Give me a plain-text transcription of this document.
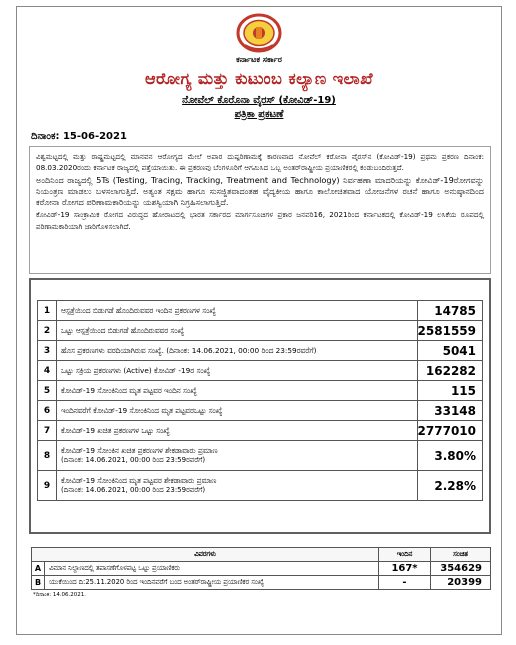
ಕರ್ನಾಟಕ ಸರ್ಕಾರ
ಆರೋಗ್ಯ ಮತ್ತು ಕುಟುಂಬ ಕಲ್ಯಾಣ ಇಲಾಖೆ
ನೋವೆಲ್ ಕೊರೊನಾ ವೈರಸ್ (ಕೋವಿಡ್-19)
ಪತ್ರಿಕಾ ಪ್ರಕಟಣೆ
ದಿನಾಂಕ: 15-06-2021

ವಿಶ್ವಮಟ್ಟದಲ್ಲಿ ಮತ್ತು ರಾಷ್ಟ್ರಮಟ್ಟದಲ್ಲಿ ಮಾನವನ ಆರೋಗ್ಯದ ಮೇಲೆ ಅಪಾರ ದುಷ್ಪರಿಣಾಮಕ್ಕೆ ಕಾರಣವಾದ ನೋವೆಲ್ ಕರೋನಾ ವೈರಸ್‌ನ (ಕೋವಿಡ್-19) ಪ್ರಥಮ ಪ್ರಕರಣ ದಿನಾಂಕ: 08.03.2020ರಂದು ಕರ್ನಾಟಕ ರಾಜ್ಯದಲ್ಲಿ ಪತ್ತೆಯಾಯಿತು. ಈ ಪ್ರಕರಣವು ಬೆಂಗಳೂರಿಗೆ ಆಗಮಿಸಿದ ಒಬ್ಬ ಅಂತರ್‌ರಾಷ್ಟ್ರೀಯ ಪ್ರಯಾಣಿಕರಲ್ಲಿ ಕಂಡುಬಂದಿರುತ್ತದೆ.

ಅಂದಿನಿಂದ ರಾಜ್ಯದಲ್ಲಿ 5Ts (Testing, Tracing, Tracking, Treatment and Technology) ನಿರ್ವಹಣಾ ಮಾದರಿಯನ್ನು ಕೋವಿಡ್-19ರೋಗವನ್ನು ನಿಯಂತ್ರಣ ಮಾಡಲು ಬಳಸಲಾಗುತ್ತಿದೆ. ಅತ್ಯಂತ ಸಕ್ಷಮ ಹಾಗೂ ಸುಸಜ್ಜಿತವಾದಂತಹ ವೈದ್ಯಕೀಯ ಹಾಗೂ ಕಾಲೋಚಿತವಾದ ಯೋಜನೆಗಳ ರಚನೆ ಹಾಗೂ ಅನುಷ್ಠಾನದಿಂದ ಕರೋನಾ ರೋಗದ ಪರಿಣಾಮಕಾರಿಯನ್ನು ಯಶಸ್ವಿಯಾಗಿ ನಿಗ್ರಹಿಸಲಾಗುತ್ತಿದೆ.

ಕೋವಿಡ್-19 ಸಾಂಕ್ರಾಮಿಕ ರೋಗದ ವಿರುದ್ಧದ ಹೋರಾಟದಲ್ಲಿ ಭಾರತ ಸರ್ಕಾರದ ಮಾರ್ಗಸೂಚಿಗಳ ಪ್ರಕಾರ ಜನವರಿ16, 2021ರಿಂದ ಕರ್ನಾಟಕದಲ್ಲಿ ಕೋವಿಡ್-19 ಲಸಿಕೆಯ ರೂಪದಲ್ಲಿ ಪರಿಣಾಮಕಾರಿಯಾಗಿ ಜಾರಿಗೊಳಿಸಲಾಗಿದೆ.

1	ಆಸ್ಪತ್ರೆಯಿಂದ ಬಿಡುಗಡೆ ಹೊಂದಿರುವವರ ಇಂದಿನ ಪ್ರಕರಣಗಳ ಸಂಖ್ಯೆ	14785
2	ಒಟ್ಟು ಆಸ್ಪತ್ರೆಯಿಂದ ಬಿಡುಗಡೆ ಹೊಂದಿರುವವರ ಸಂಖ್ಯೆ	2581559
3	ಹೊಸ ಪ್ರಕರಣಗಳು ವರದಿಯಾಗಿರುವ ಸಂಖ್ಯೆ. (ದಿನಾಂಕ: 14.06.2021, 00:00 ರಿಂದ 23:59ರವರೆಗೆ)	5041
4	ಒಟ್ಟು ಸಕ್ರಿಯ ಪ್ರಕರಣಗಳು (Active) ಕೋವಿಡ್ -19ರ ಸಂಖ್ಯೆ	162282
5	ಕೋವಿಡ್-19 ಸೋಂಕಿನಿಂದ ಮೃತ ಪಟ್ಟವರ ಇಂದಿನ ಸಂಖ್ಯೆ	115
6	ಇಂದಿನವರೆಗೆ ಕೋವಿಡ್-19 ಸೋಂಕಿನಿಂದ ಮೃತ ಪಟ್ಟವರಒಟ್ಟು ಸಂಖ್ಯೆ	33148
7	ಕೋವಿಡ್-19 ಖಚಿತ ಪ್ರಕರಣಗಳ ಒಟ್ಟು ಸಂಖ್ಯೆ	2777010
8	ಕೋವಿಡ್-19 ಸೋಂಕಿನ ಖಚಿತ ಪ್ರಕರಣಗಳ ಶೇಕಡಾವಾರು ಪ್ರಮಾಣ
(ದಿನಾಂಕ: 14.06.2021, 00:00 ರಿಂದ 23:59ರವರೆಗೆ)	3.80%
9	ಕೋವಿಡ್-19 ಸೋಂಕಿನಿಂದ ಮೃತ ಪಟ್ಟವರ ಶೇಕಡಾವಾರು ಪ್ರಮಾಣ
(ದಿನಾಂಕ: 14.06.2021, 00:00 ರಿಂದ 23:59ರವರೆಗೆ)	2.28%
ವಿವರಗಳು		ಇಂದಿನ	ಸಂಚಿತ
A	ವಿಮಾನ ನಿಲ್ದಾಣದಲ್ಲಿ ತಪಾಸಣೆಗೊಳಪಟ್ಟ ಒಟ್ಟು ಪ್ರಯಾಣಿಕರು	167*	354629
B	ಯುಕೆಯಿಂದ ದಿ:25.11.2020 ರಿಂದ ಇಂದಿನವರೆಗೆ ಬಂದ ಅಂತರ್‌ರಾಷ್ಟ್ರೀಯ ಪ್ರಯಾಣಿಕರ ಸಂಖ್ಯೆ	-	20399
*ದಿನಾಂಕ: 14.06.2021.
